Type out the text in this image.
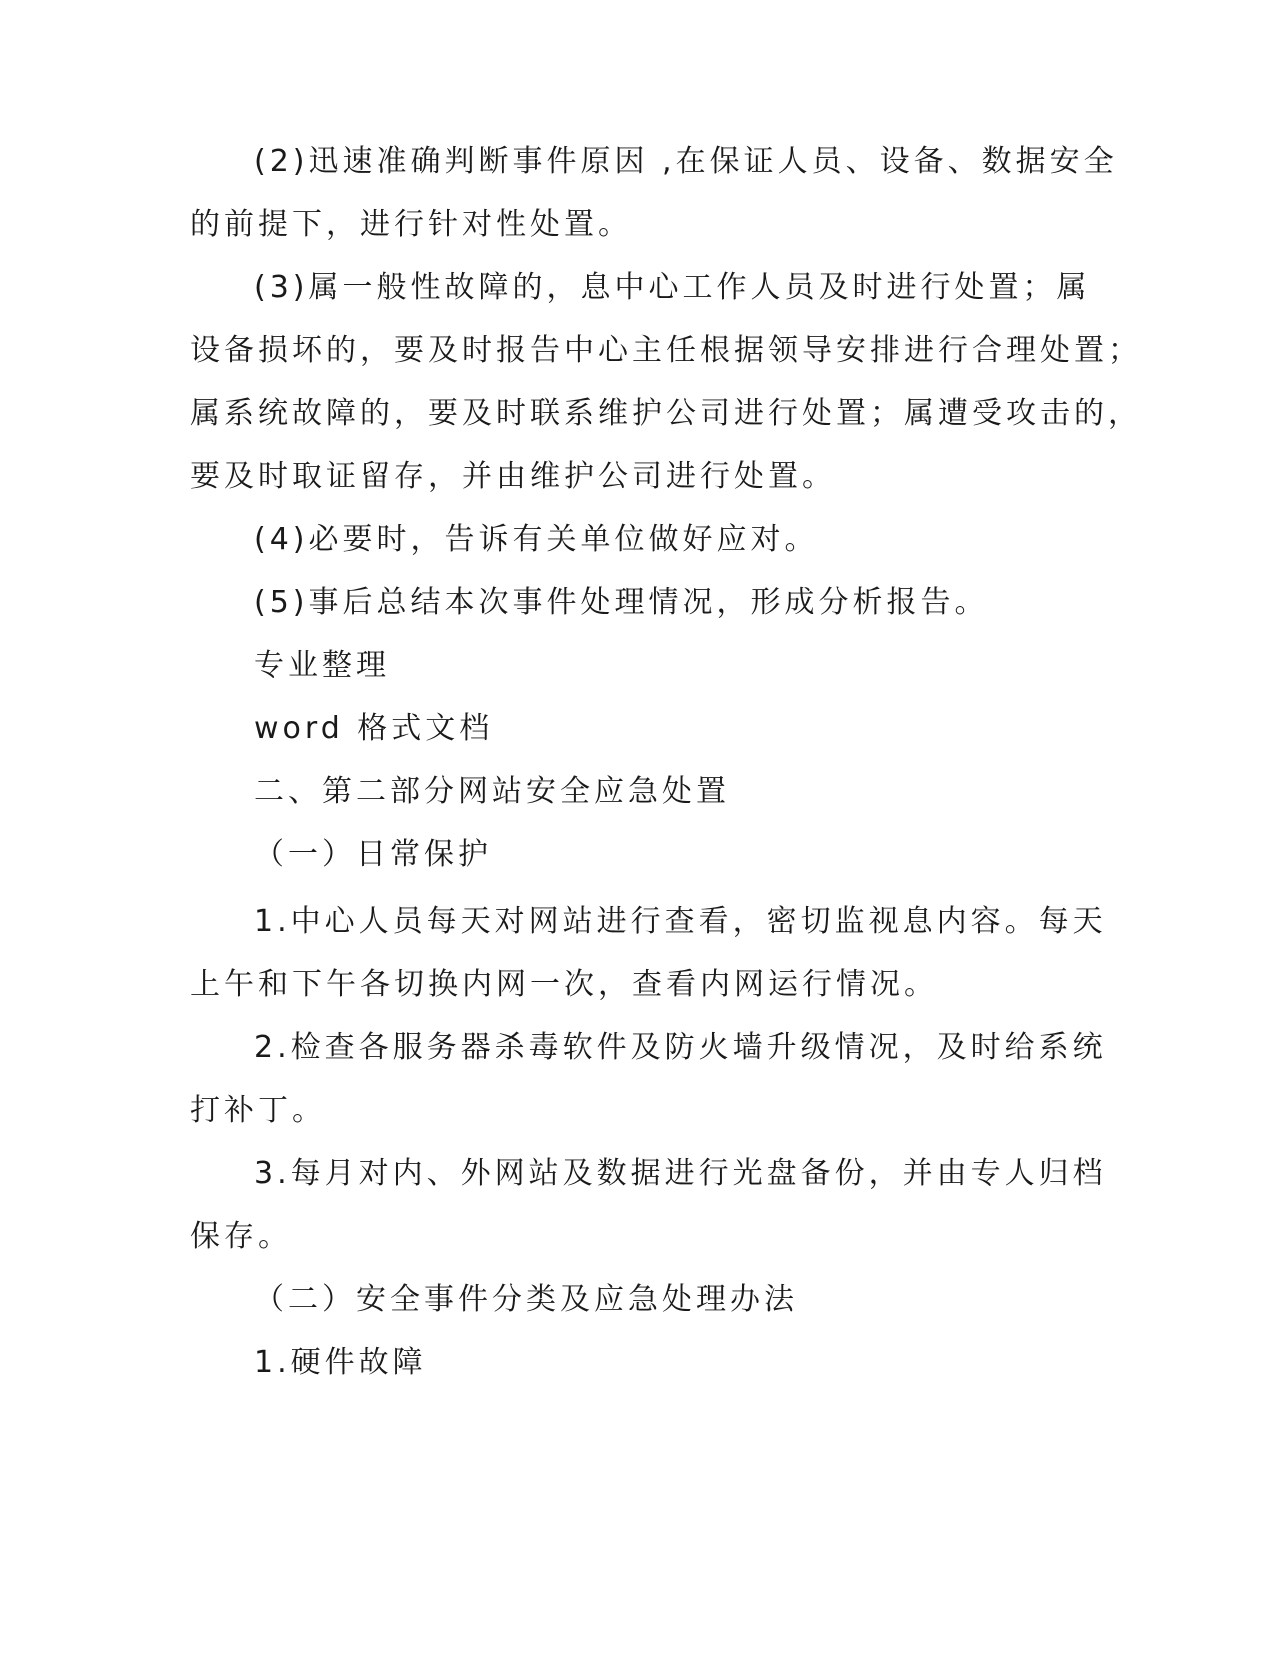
(2)迅速准确判断事件原因 ,在保证人员、设备、数据安全
的前提下，进行针对性处置。
(3)属一般性故障的，息中心工作人员及时进行处置；属
设备损坏的，要及时报告中心主任根据领导安排进行合理处置；
属系统故障的，要及时联系维护公司进行处置；属遭受攻击的，
要及时取证留存，并由维护公司进行处置。
(4)必要时，告诉有关单位做好应对。
(5)事后总结本次事件处理情况，形成分析报告。
专业整理
word 格式文档
二、第二部分网站安全应急处置
（一）日常保护
1.中心人员每天对网站进行查看，密切监视息内容。每天
上午和下午各切换内网一次，查看内网运行情况。
2.检查各服务器杀毒软件及防火墙升级情况，及时给系统
打补丁。
3.每月对内、外网站及数据进行光盘备份，并由专人归档
保存。
（二）安全事件分类及应急处理办法
1.硬件故障
